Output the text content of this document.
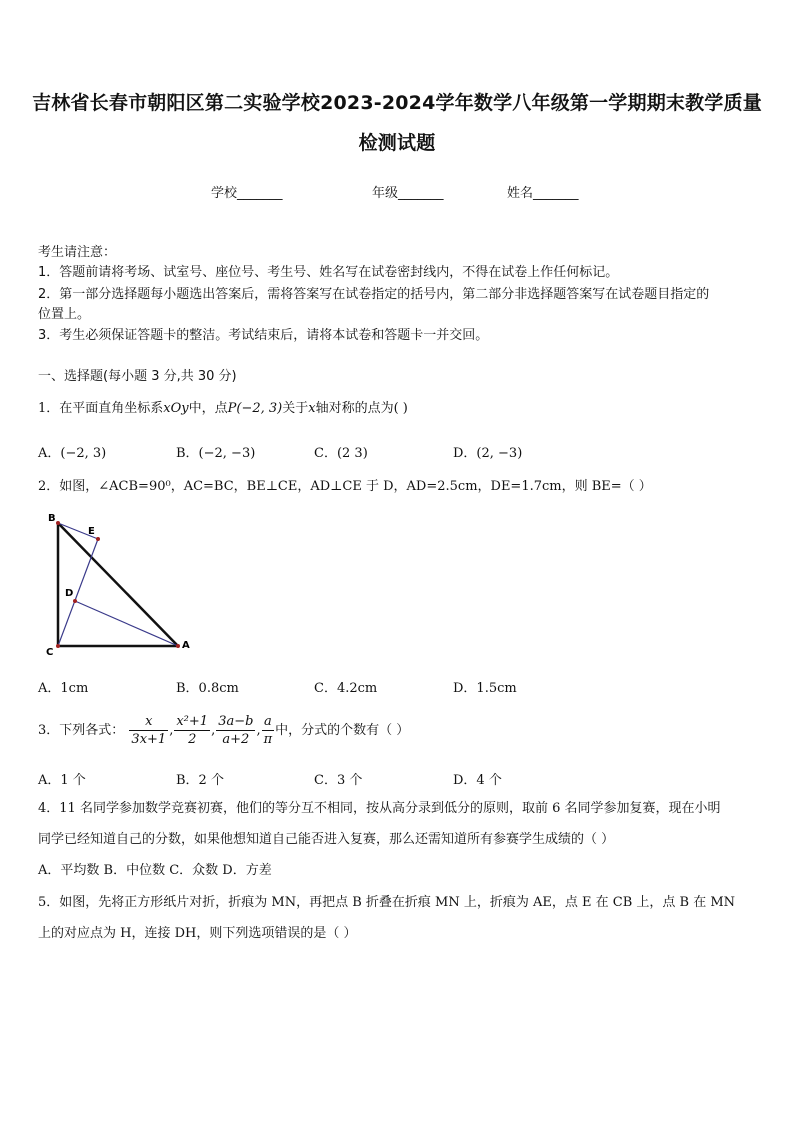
吉林省长春市朝阳区第二实验学校2023-2024学年数学八年级第一学期期末教学质量
检测试题
学校_______	年级_______	姓名_______
考生请注意：
1．答题前请将考场、试室号、座位号、考生号、姓名写在试卷密封线内，不得在试卷上作任何标记。
2．第一部分选择题每小题选出答案后，需将答案写在试卷指定的括号内，第二部分非选择题答案写在试卷题目指定的
位置上。
3．考生必须保证答题卡的整洁。考试结束后，请将本试卷和答题卡一并交回。
一、选择题(每小题 3 分,共 30 分)
1．在平面直角坐标系xOy中，点P(−2, 3)关于x轴对称的点为( )
A．(−2, 3)	B．(−2, −3)	C．(2 3)	D．(2, −3)
2．如图，∠ACB=90⁰，AC=BC，BE⊥CE，AD⊥CE 于 D，AD=2.5cm，DE=1.7cm，则 BE=（ ）
B
E
D
C
A
A．1cm	B．0.8cm	C．4.2cm	D．1.5cm
3．下列各式： $\frac{x}{3x+1}$ , $\frac{\text{x²+1}}{2}$ , $\frac{3a-b}{a+2}$ , $\frac{a}{\pi}$ 中，分式的个数有（ ）
A．1 个	B．2 个	C．3 个	D．4 个
4．11 名同学参加数学竞赛初赛，他们的等分互不相同，按从高分录到低分的原则，取前 6 名同学参加复赛，现在小明
同学已经知道自己的分数，如果他想知道自己能否进入复赛，那么还需知道所有参赛学生成绩的（ ）
A．平均数 B．中位数 C．众数 D．方差
5．如图，先将正方形纸片对折，折痕为 MN，再把点 B 折叠在折痕 MN 上，折痕为 AE，点 E 在 CB 上，点 B 在 MN
上的对应点为 H，连接 DH，则下列选项错误的是（ ）
